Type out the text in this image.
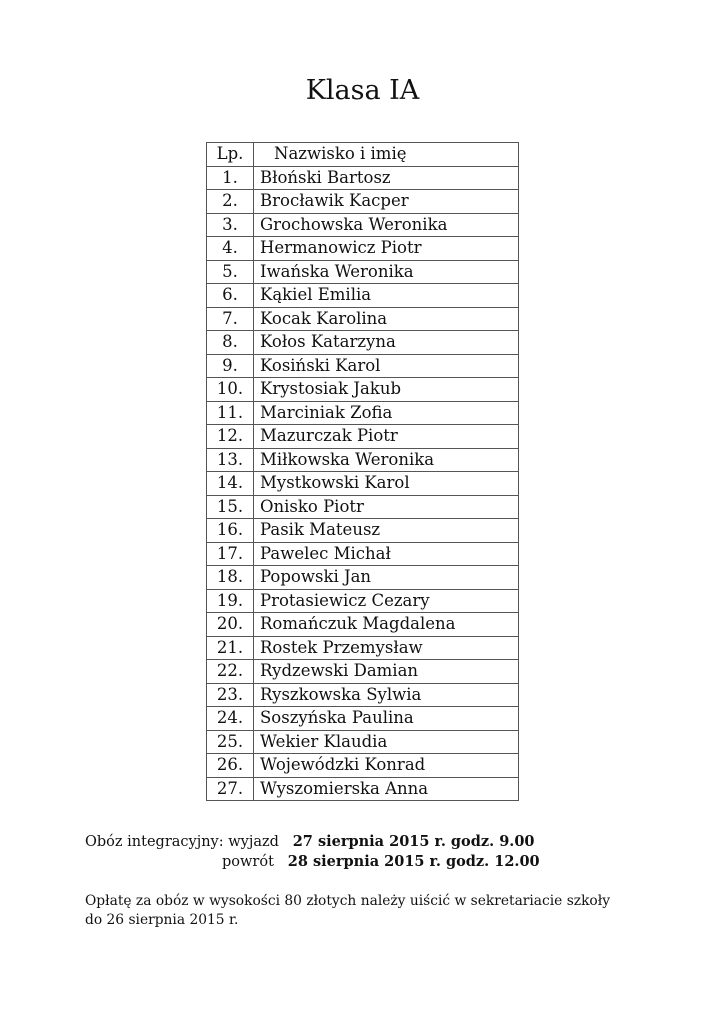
Klasa IA
Lp.	Nazwisko i imię
1.	Błoński Bartosz
2.	Brocławik Kacper
3.	Grochowska Weronika
4.	Hermanowicz Piotr
5.	Iwańska Weronika
6.	Kąkiel Emilia
7.	Kocak Karolina
8.	Kołos Katarzyna
9.	Kosiński Karol
10.	Krystosiak Jakub
11.	Marciniak Zofia
12.	Mazurczak Piotr
13.	Miłkowska Weronika
14.	Mystkowski Karol
15.	Onisko Piotr
16.	Pasik Mateusz
17.	Pawelec Michał
18.	Popowski Jan
19.	Protasiewicz Cezary
20.	Romańczuk Magdalena
21.	Rostek Przemysław
22.	Rydzewski Damian
23.	Ryszkowska Sylwia
24.	Soszyńska Paulina
25.	Wekier Klaudia
26.	Wojewódzki Konrad
27.	Wyszomierska Anna
Obóz integracyjny: wyjazd 27 sierpnia 2015 r. godz. 9.00
powrót 28 sierpnia 2015 r. godz. 12.00
Opłatę za obóz w wysokości 80 złotych należy uiścić w sekretariacie szkoły do 26 sierpnia 2015 r.
